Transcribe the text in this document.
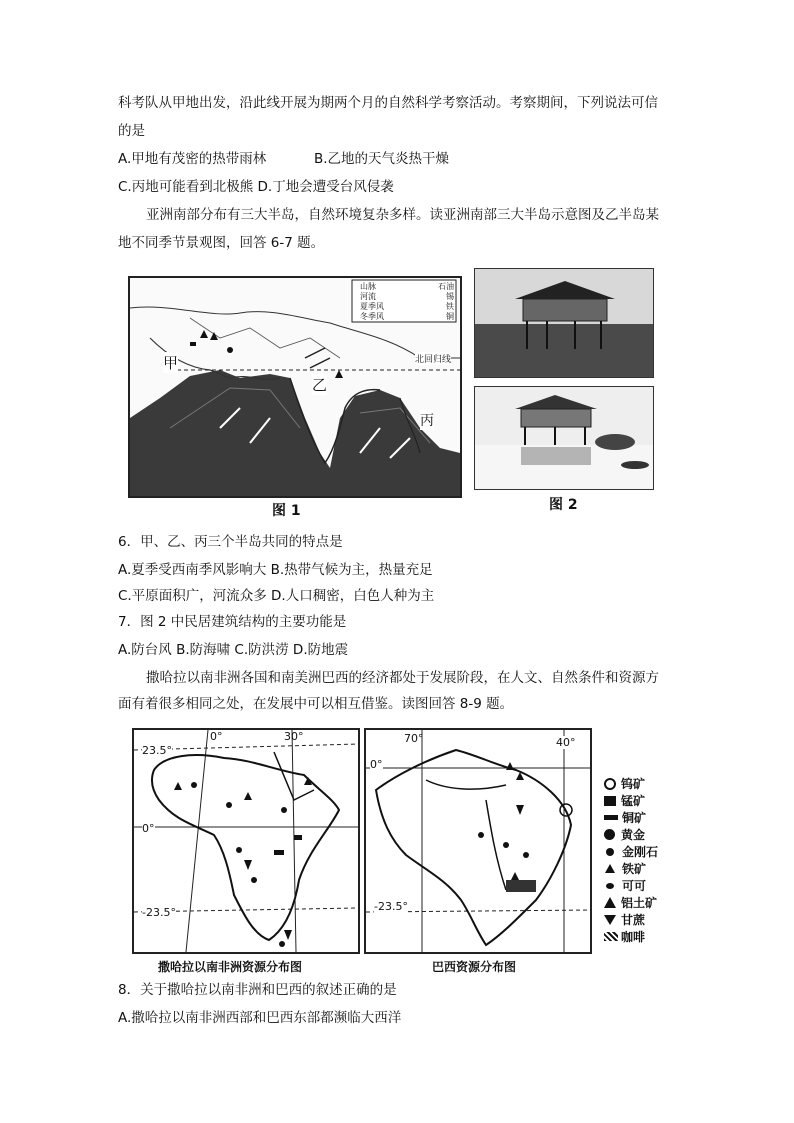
科考队从甲地出发，沿此线开展为期两个月的自然科学考察活动。考察期间，下列说法可信
的是
A.甲地有茂密的热带雨林	B.乙地的天气炎热干燥
C.丙地可能看到北极熊 D.丁地会遭受台风侵袭
亚洲南部分布有三大半岛，自然环境复杂多样。读亚洲南部三大半岛示意图及乙半岛某
地不同季节景观图，回答 6-7 题。
山脉	石油
河流	锡
夏季风	铁
冬季风	铜
甲
乙
丙
北回归线
图 1	图 2
6．甲、乙、丙三个半岛共同的特点是
A.夏季受西南季风影响大 B.热带气候为主，热量充足
C.平原面积广，河流众多 D.人口稠密，白色人种为主
7．图 2 中民居建筑结构的主要功能是
A.防台风 B.防海啸 C.防洪涝 D.防地震
撒哈拉以南非洲各国和南美洲巴西的经济都处于发展阶段，在人文、自然条件和资源方
面有着很多相同之处，在发展中可以相互借鉴。读图回答 8-9 题。
0°	30°
23.5°
0°
-23.5°
撒哈拉以南非洲资源分布图
70°	40°
0°
-23.5°
巴西资源分布图
钨矿
锰矿
铜矿
黄金
金刚石
铁矿
可可
铝土矿
甘蔗
咖啡
8．关于撒哈拉以南非洲和巴西的叙述正确的是
A.撒哈拉以南非洲西部和巴西东部都濒临大西洋
